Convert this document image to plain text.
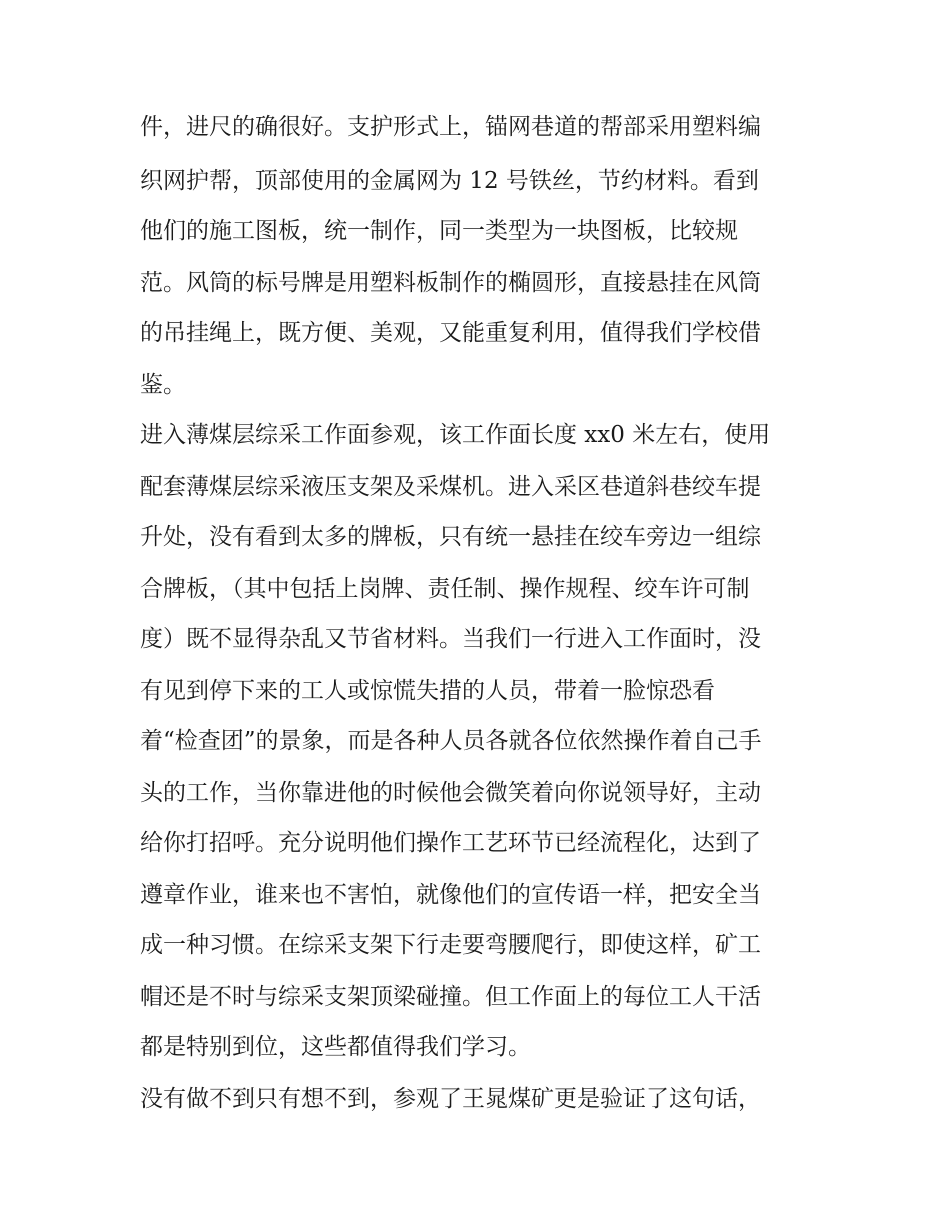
件，进尺的确很好。支护形式上，锚网巷道的帮部采用塑料编

织网护帮，顶部使用的金属网为 12 号铁丝，节约材料。看到

他们的施工图板，统一制作，同一类型为一块图板，比较规

范。风筒的标号牌是用塑料板制作的椭圆形，直接悬挂在风筒

的吊挂绳上，既方便、美观，又能重复利用，值得我们学校借

鉴。

进入薄煤层综采工作面参观，该工作面长度 xx0 米左右，使用

配套薄煤层综采液压支架及采煤机。进入采区巷道斜巷绞车提

升处，没有看到太多的牌板，只有统一悬挂在绞车旁边一组综

合牌板，（其中包括上岗牌、责任制、操作规程、绞车许可制

度）既不显得杂乱又节省材料。当我们一行进入工作面时，没

有见到停下来的工人或惊慌失措的人员，带着一脸惊恐看

着“检查团”的景象，而是各种人员各就各位依然操作着自己手

头的工作，当你靠进他的时候他会微笑着向你说领导好，主动

给你打招呼。充分说明他们操作工艺环节已经流程化，达到了

遵章作业，谁来也不害怕，就像他们的宣传语一样，把安全当

成一种习惯。在综采支架下行走要弯腰爬行，即使这样，矿工

帽还是不时与综采支架顶梁碰撞。但工作面上的每位工人干活

都是特别到位，这些都值得我们学习。

没有做不到只有想不到，参观了王晁煤矿更是验证了这句话，
